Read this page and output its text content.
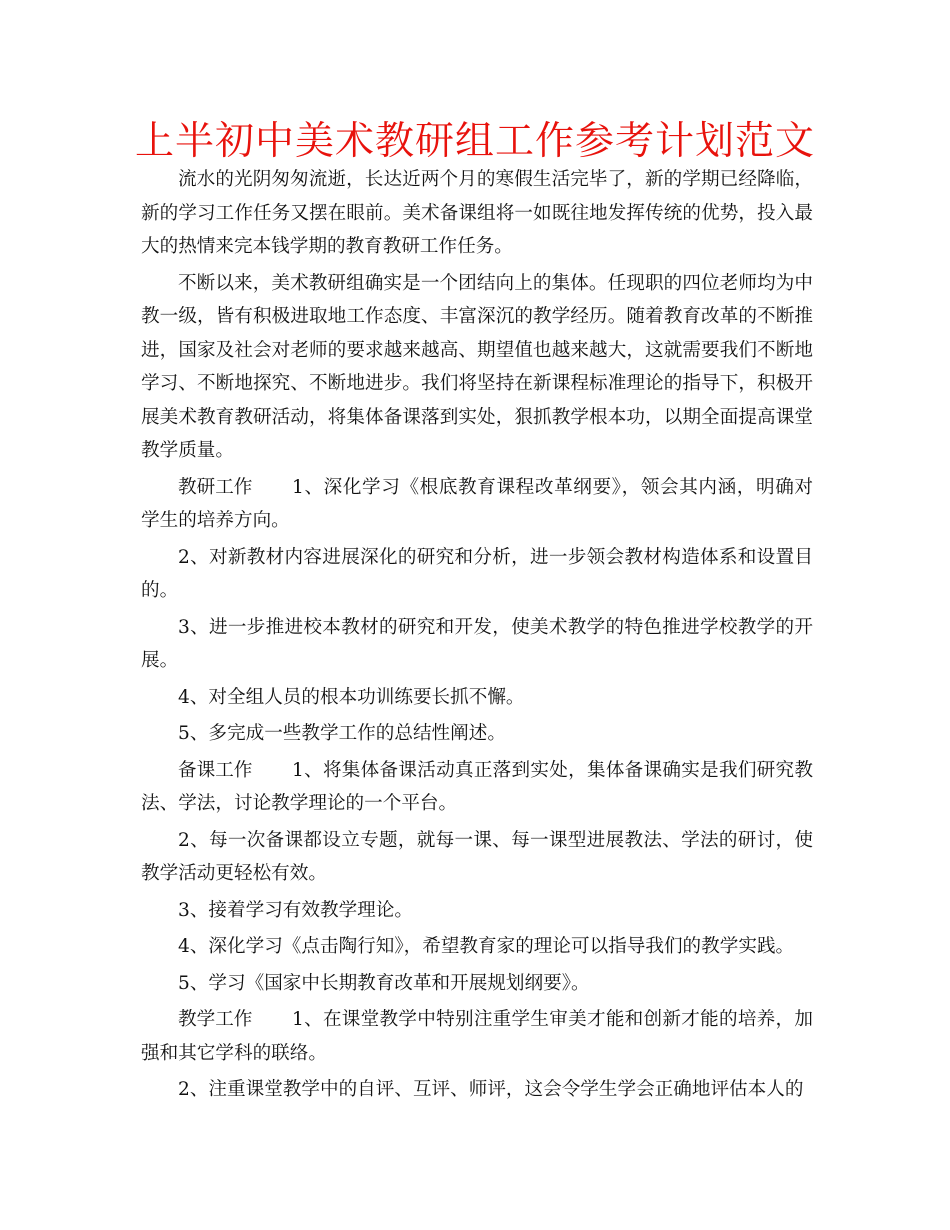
上半初中美术教研组工作参考计划范文

流水的光阴匆匆流逝，长达近两个月的寒假生活完毕了，新的学期已经降临，新的学习工作任务又摆在眼前。美术备课组将一如既往地发挥传统的优势，投入最大的热情来完本钱学期的教育教研工作任务。

不断以来，美术教研组确实是一个团结向上的集体。任现职的四位老师均为中教一级，皆有积极进取地工作态度、丰富深沉的教学经历。随着教育改革的不断推进，国家及社会对老师的要求越来越高、期望值也越来越大，这就需要我们不断地学习、不断地探究、不断地进步。我们将坚持在新课程标准理论的指导下，积极开展美术教育教研活动，将集体备课落到实处，狠抓教学根本功，以期全面提高课堂教学质量。

教研工作 1、深化学习《根底教育课程改革纲要》，领会其内涵，明确对学生的培养方向。

2、对新教材内容进展深化的研究和分析，进一步领会教材构造体系和设置目的。

3、进一步推进校本教材的研究和开发，使美术教学的特色推进学校教学的开展。

4、对全组人员的根本功训练要长抓不懈。

5、多完成一些教学工作的总结性阐述。

备课工作 1、将集体备课活动真正落到实处，集体备课确实是我们研究教法、学法，讨论教学理论的一个平台。

2、每一次备课都设立专题，就每一课、每一课型进展教法、学法的研讨，使教学活动更轻松有效。

3、接着学习有效教学理论。

4、深化学习《点击陶行知》，希望教育家的理论可以指导我们的教学实践。

5、学习《国家中长期教育改革和开展规划纲要》。

教学工作 1、在课堂教学中特别注重学生审美才能和创新才能的培养，加强和其它学科的联络。

2、注重课堂教学中的自评、互评、师评，这会令学生学会正确地评估本人的
